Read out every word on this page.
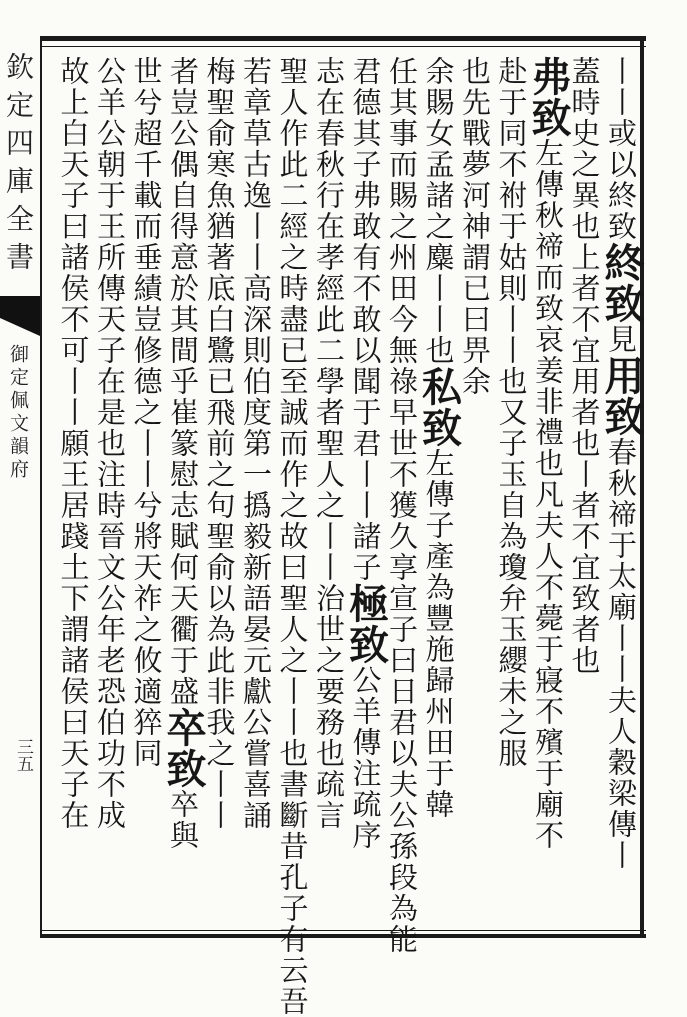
欽定四庫全書
御定佩文韻府
三五
丨丨或以終致終致見用致春秋禘于太廟丨丨夫人穀梁傳丨
蓋時史之異也上者不宜用者也丨者不宜致者也
弗致左傳秋禘而致哀姜非禮也凡夫人不薨于寢不殯于廟不
赴于同不祔于姑則丨丨也又子玉自為瓊弁玉纓未之服
也先戰夢河神謂已曰畀余
余賜女孟諸之麋丨丨也私致左傳子產為豐施歸州田于韓
任其事而賜之州田今無祿早世不獲久享宣子曰日君以夫公孫段為能
君德其子弗敢有不敢以聞于君丨丨諸子極致公羊傳注疏序
志在春秋行在孝經此二學者聖人之丨丨治世之要務也疏言
聖人作此二經之時盡已至誠而作之故曰聖人之丨丨也書斷昔孔子有云吾
若章草古逸丨丨高深則伯度第一撝毅新語晏元獻公嘗喜誦
梅聖俞寒魚猶著底白鷺已飛前之句聖俞以為此非我之丨丨
者豈公偶自得意於其間乎崔篆慰志賦何天衢于盛卒致卒與
世兮超千載而垂績豈修德之丨丨兮將天祚之攸適猝同
公羊公朝于王所傳天子在是也注時晉文公年老恐伯功不成
故上白天子曰諸侯不可丨丨願王居踐土下謂諸侯曰天子在
